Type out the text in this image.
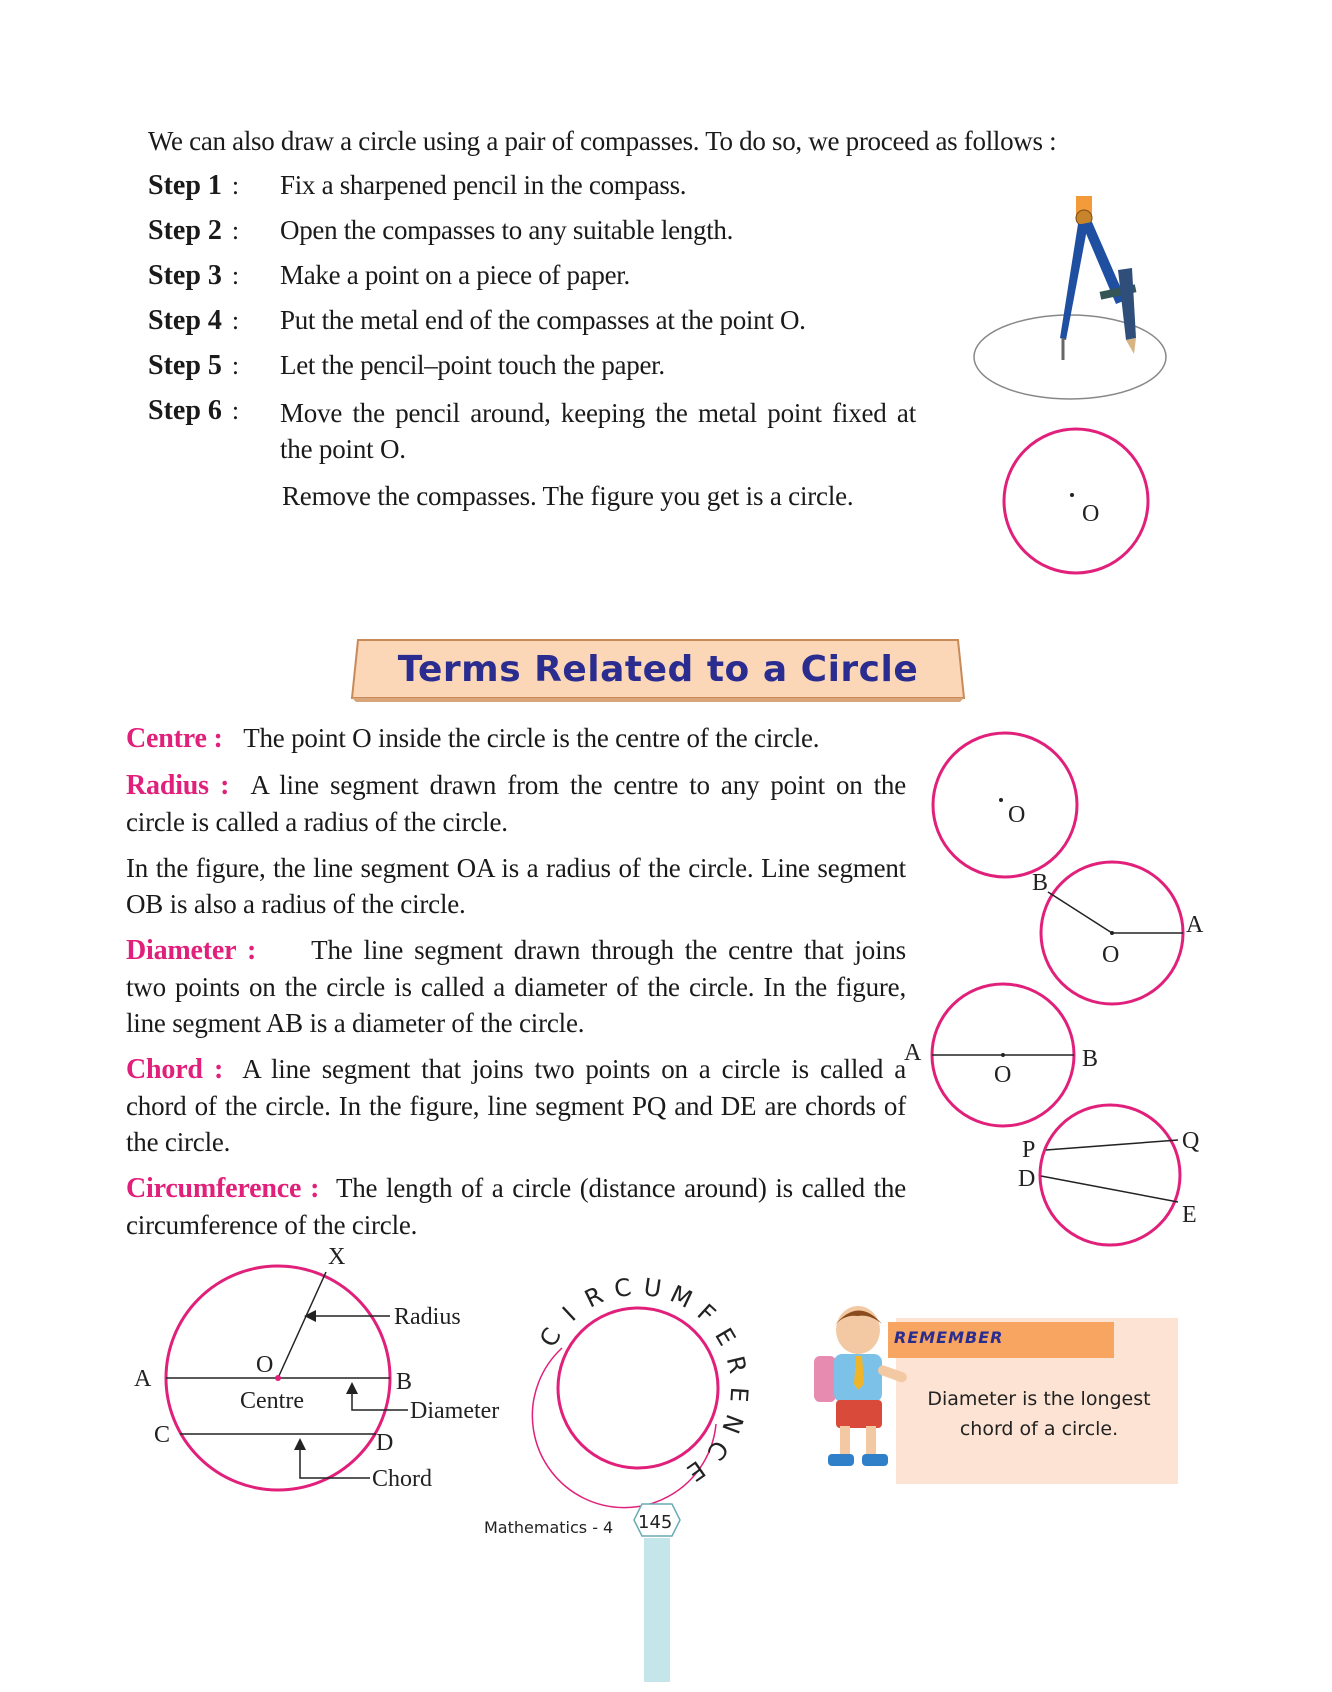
We can also draw a circle using a pair of compasses. To do so, we proceed as follows :
Step 1 : Fix a sharpened pencil in the compass.
Step 2 : Open the compasses to any suitable length.
Step 3 : Make a point on a piece of paper.
Step 4 : Put the metal end of the compasses at the point O.
Step 5 : Let the pencil–point touch the paper.
Step 6 : Move the pencil around, keeping the metal point fixed at the point O.
Remove the compasses. The figure you get is a circle.
O
Terms Related to a Circle

Centre : The point O inside the circle is the centre of the circle.

Radius : A line segment drawn from the centre to any point on the circle is called a radius of the circle.

In the figure, the line segment OA is a radius of the circle. Line segment OB is also a radius of the circle.

Diameter : The line segment drawn through the centre that joins two points on the circle is called a diameter of the circle. In the figure, line segment AB is a diameter of the circle.

Chord : A line segment that joins two points on a circle is called a chord of the circle. In the figure, line segment PQ and DE are chords of the circle.

Circumference : The length of a circle (distance around) is called the circumference of the circle.

O
O
A
B
O
A	B
P
D
Q
E
A	B
C	D
X
O
Centre
Radius
Diameter
Chord
C
I
R C U M
F
E
R
E
N
C
E
REMEMBER
Diameter is the longest chord of a circle.
Mathematics - 4 145
